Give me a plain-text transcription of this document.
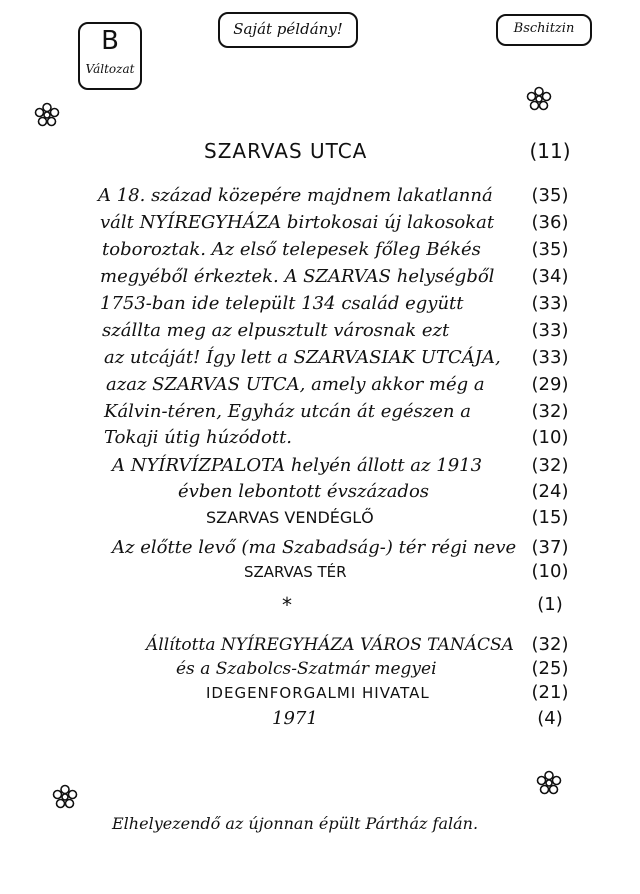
B
Változat
Saját példány!	Bschitzin
SZARVAS UTCA	(11)
A 18. század közepére majdnem lakatlanná	(35)
vált NYÍREGYHÁZA birtokosai új lakosokat	(36)
toboroztak. Az első telepesek főleg Békés	(35)
megyéből érkeztek. A SZARVAS helységből	(34)
1753-ban ide települt 134 család együtt	(33)
szállta meg az elpusztult városnak ezt	(33)
az utcáját! Így lett a SZARVASIAK UTCÁJA,	(33)
azaz SZARVAS UTCA, amely akkor még a	(29)
Kálvin-téren, Egyház utcán át egészen a	(32)
Tokaji útig húzódott.	(10)
A NYÍRVÍZPALOTA helyén állott az 1913	(32)
évben lebontott évszázados	(24)
SZARVAS VENDÉGLŐ	(15)
Az előtte levő (ma Szabadság-) tér régi neve (37)
SZARVAS TÉR	(10)
*	(1)
Állította NYÍREGYHÁZA VÁROS TANÁCSA (32)
és a Szabolcs-Szatmár megyei	(25)
IDEGENFORGALMI HIVATAL	(21)
1971	(4)
Elhelyezendő az újonnan épült Pártház falán.
